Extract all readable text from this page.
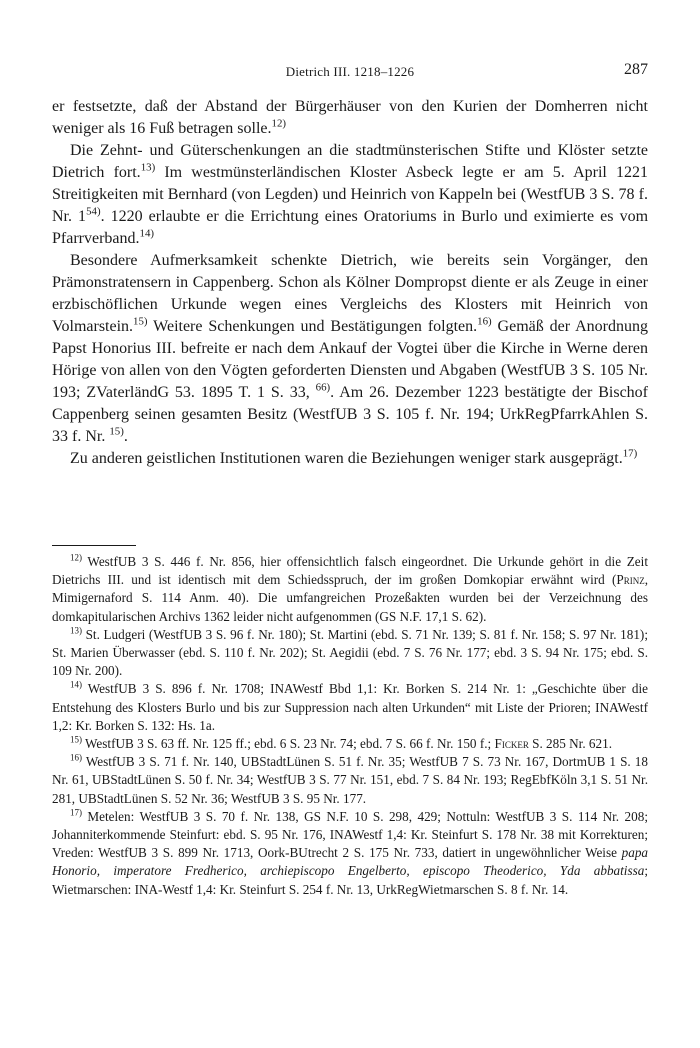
Dietrich III. 1218–1226	287

er festsetzte, daß der Abstand der Bürgerhäuser von den Kurien der Domherren nicht weniger als 16 Fuß betragen solle.$^{12)}$

Die Zehnt- und Güterschenkungen an die stadtmünsterischen Stifte und Klöster setzte Dietrich fort.$^{13)}$ Im westmünsterländischen Kloster Asbeck legte er am 5. April 1221 Streitigkeiten mit Bernhard (von Legden) und Heinrich von Kappeln bei (WestfUB 3 S. 78 f. Nr. 1$^{54)}$. 1220 erlaubte er die Errichtung eines Oratoriums in Burlo und eximierte es vom Pfarrverband.$^{14)}$

Besondere Aufmerksamkeit schenkte Dietrich, wie bereits sein Vorgänger, den Prämonstratensern in Cappenberg. Schon als Kölner Dompropst diente er als Zeuge in einer erzbischöflichen Urkunde wegen eines Vergleichs des Klosters mit Heinrich von Volmarstein.$^{15)}$ Weitere Schenkungen und Bestätigungen folgten.$^{16)}$ Gemäß der Anordnung Papst Honorius III. befreite er nach dem Ankauf der Vogtei über die Kirche in Werne deren Hörige von allen von den Vögten geforderten Diensten und Abgaben (WestfUB 3 S. 105 Nr. 193; ZVaterländG 53. 1895 T. 1 S. 33, $^{66)}$. Am 26. Dezember 1223 bestätigte der Bischof Cappenberg seinen gesamten Besitz (WestfUB 3 S. 105 f. Nr. 194; UrkRegPfarrkAhlen S. 33 f. Nr. $^{15)}$.

Zu anderen geistlichen Institutionen waren die Beziehungen weniger stark ausgeprägt.$^{17)}$

$^{12)}$ WestfUB 3 S. 446 f. Nr. 856, hier offensichtlich falsch eingeordnet. Die Urkunde gehört in die Zeit Dietrichs III. und ist identisch mit dem Schiedsspruch, der im großen Domkopiar erwähnt wird (Prinz, Mimigernaford S. 114 Anm. 40). Die umfangreichen Prozeßakten wurden bei der Verzeichnung des domkapitularischen Archivs 1362 leider nicht aufgenommen (GS N.F. 17,1 S. 62).

$^{13)}$ St. Ludgeri (WestfUB 3 S. 96 f. Nr. 180); St. Martini (ebd. S. 71 Nr. 139; S. 81 f. Nr. 158; S. 97 Nr. 181); St. Marien Überwasser (ebd. S. 110 f. Nr. 202); St. Aegidii (ebd. 7 S. 76 Nr. 177; ebd. 3 S. 94 Nr. 175; ebd. S. 109 Nr. 200).

$^{14)}$ WestfUB 3 S. 896 f. Nr. 1708; INAWestf Bbd 1,1: Kr. Borken S. 214 Nr. 1: „Geschichte über die Entstehung des Klosters Burlo und bis zur Suppression nach alten Urkunden“ mit Liste der Prioren; INAWestf 1,2: Kr. Borken S. 132: Hs. 1a.

$^{15)}$ WestfUB 3 S. 63 ff. Nr. 125 ff.; ebd. 6 S. 23 Nr. 74; ebd. 7 S. 66 f. Nr. 150 f.; Ficker S. 285 Nr. 621.

$^{16)}$ WestfUB 3 S. 71 f. Nr. 140, UBStadtLünen S. 51 f. Nr. 35; WestfUB 7 S. 73 Nr. 167, DortmUB 1 S. 18 Nr. 61, UBStadtLünen S. 50 f. Nr. 34; WestfUB 3 S. 77 Nr. 151, ebd. 7 S. 84 Nr. 193; RegEbfKöln 3,1 S. 51 Nr. 281, UBStadtLünen S. 52 Nr. 36; WestfUB 3 S. 95 Nr. 177.

$^{17)}$ Metelen: WestfUB 3 S. 70 f. Nr. 138, GS N.F. 10 S. 298, 429; Nottuln: WestfUB 3 S. 114 Nr. 208; Johanniterkommende Steinfurt: ebd. S. 95 Nr. 176, INAWestf 1,4: Kr. Steinfurt S. 178 Nr. 38 mit Korrekturen; Vreden: WestfUB 3 S. 899 Nr. 1713, Oork-BUtrecht 2 S. 175 Nr. 733, datiert in ungewöhnlicher Weise papa Honorio, imperatore Fredherico, archiepiscopo Engelberto, episcopo Theoderico, Yda abbatissa; Wietmarschen: INA-Westf 1,4: Kr. Steinfurt S. 254 f. Nr. 13, UrkRegWietmarschen S. 8 f. Nr. 14.
